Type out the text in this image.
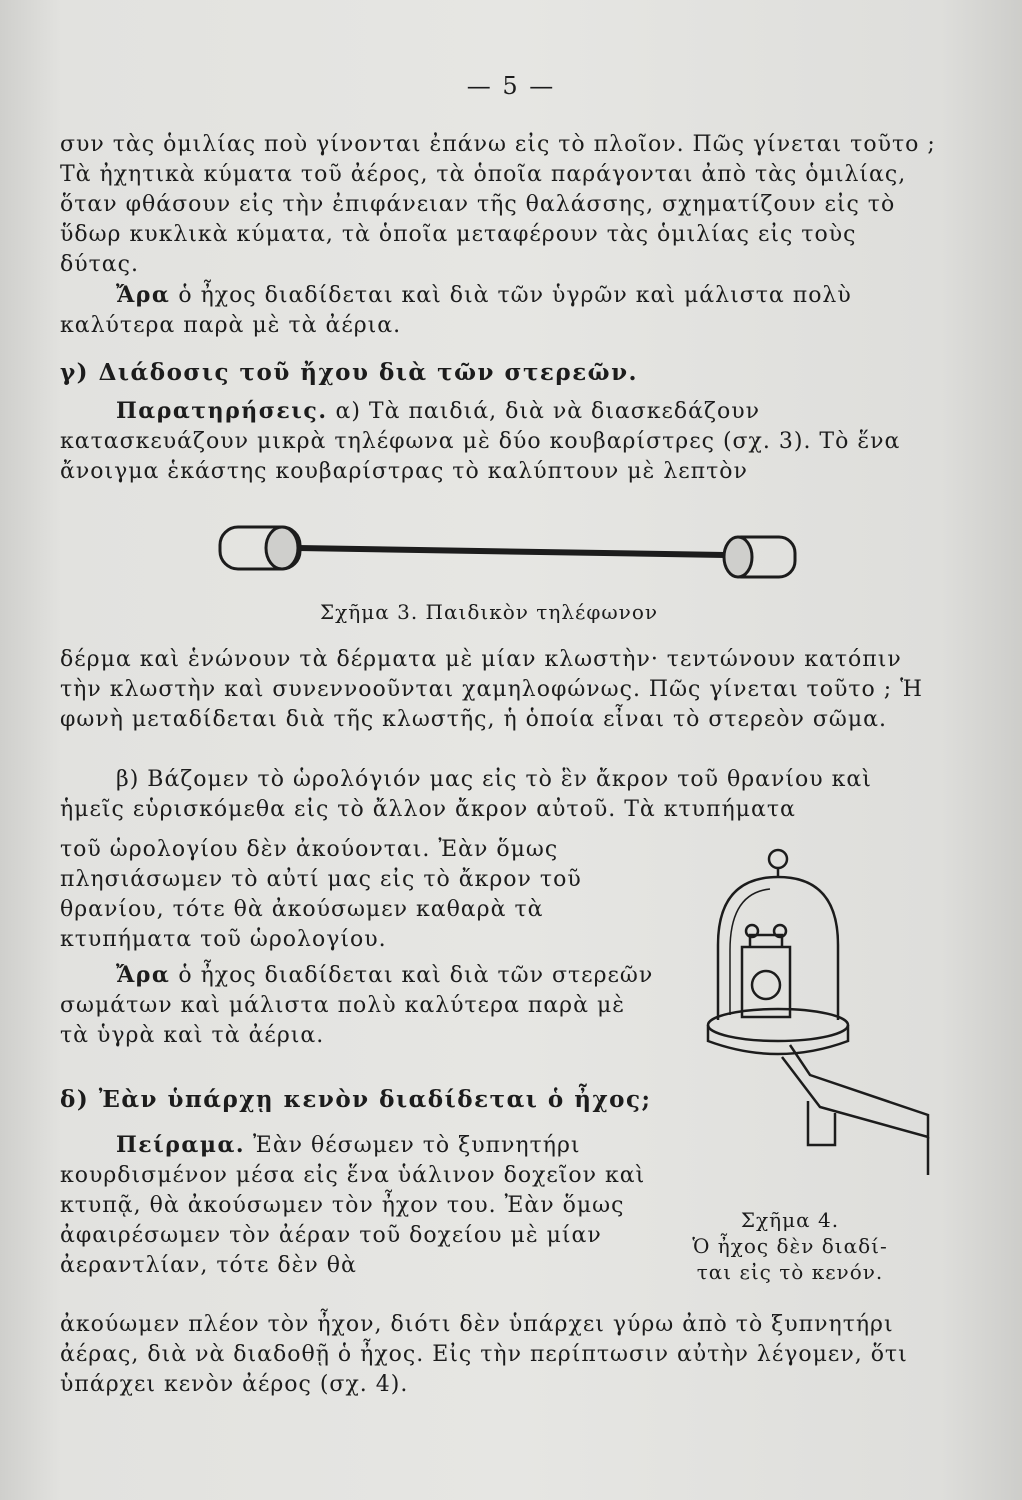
— 5 —

συν τὰς ὁμιλίας ποὺ γίνονται ἐπάνω εἰς τὸ πλοῖον. Πῶς γίνεται τοῦτο ; Τὰ ἠχητικὰ κύματα τοῦ ἀέρος, τὰ ὁποῖα παράγονται ἀπὸ τὰς ὁμιλίας, ὅταν φθάσουν εἰς τὴν ἐπιφάνειαν τῆς θαλάσσης, σχηματίζουν εἰς τὸ ὕδωρ κυκλικὰ κύματα, τὰ ὁποῖα μεταφέρουν τὰς ὁμιλίας εἰς τοὺς δύτας.

Ἄρα ὁ ἦχος διαδίδεται καὶ διὰ τῶν ὑγρῶν καὶ μάλιστα πολὺ καλύτερα παρὰ μὲ τὰ ἀέρια.

γ) Διάδοσις τοῦ ἤχου διὰ τῶν στερεῶν.

Παρατηρήσεις. α) Τὰ παιδιά, διὰ νὰ διασκεδάζουν κατασκευάζουν μικρὰ τηλέφωνα μὲ δύο κουβαρίστρες (σχ. 3). Τὸ ἕνα ἄνοιγμα ἑκάστης κουβαρίστρας τὸ καλύπτουν μὲ λεπτὸν

Σχῆμα 3. Παιδικὸν τηλέφωνον

δέρμα καὶ ἑνώνουν τὰ δέρματα μὲ μίαν κλωστὴν· τεντώνουν κατόπιν τὴν κλωστὴν καὶ συνεννοοῦνται χαμηλοφώνως. Πῶς γίνεται τοῦτο ; Ἡ φωνὴ μεταδίδεται διὰ τῆς κλωστῆς, ἡ ὁποία εἶναι τὸ στερεὸν σῶμα.

β) Βάζομεν τὸ ὡρολόγιόν μας εἰς τὸ ἓν ἄκρον τοῦ θρανίου καὶ ἡμεῖς εὑρισκόμεθα εἰς τὸ ἄλλον ἄκρον αὐτοῦ. Τὰ κτυπήματα

τοῦ ὡρολογίου δὲν ἀκούονται. Ἐὰν ὅμως πλησιάσωμεν τὸ αὐτί μας εἰς τὸ ἄκρον τοῦ θρανίου, τότε θὰ ἀκούσωμεν καθαρὰ τὰ κτυπήματα τοῦ ὡρολογίου.

Ἄρα ὁ ἦχος διαδίδεται καὶ διὰ τῶν στερεῶν σωμάτων καὶ μάλιστα πολὺ καλύτερα παρὰ μὲ τὰ ὑγρὰ καὶ τὰ ἀέρια.

δ) Ἐὰν ὑπάρχῃ κενὸν διαδίδεται ὁ ἦχος;

Πείραμα. Ἐὰν θέσωμεν τὸ ξυπνητήρι κουρδισμένον μέσα εἰς ἕνα ὑάλινον δοχεῖον καὶ κτυπᾷ, θὰ ἀκούσωμεν τὸν ἦχον του. Ἐὰν ὅμως ἀφαιρέσωμεν τὸν ἀέραν τοῦ δοχείου μὲ μίαν ἀεραντλίαν, τότε δὲν θὰ

ἀκούωμεν πλέον τὸν ἦχον, διότι δὲν ὑπάρχει γύρω ἀπὸ τὸ ξυπνητήρι ἀέρας, διὰ νὰ διαδοθῇ ὁ ἦχος. Εἰς τὴν περίπτωσιν αὐτὴν λέγομεν, ὅτι ὑπάρχει κενὸν ἀέρος (σχ. 4).

Σχῆμα 4.
Ὁ ἦχος δὲν διαδί-
ται εἰς τὸ κενόν.
